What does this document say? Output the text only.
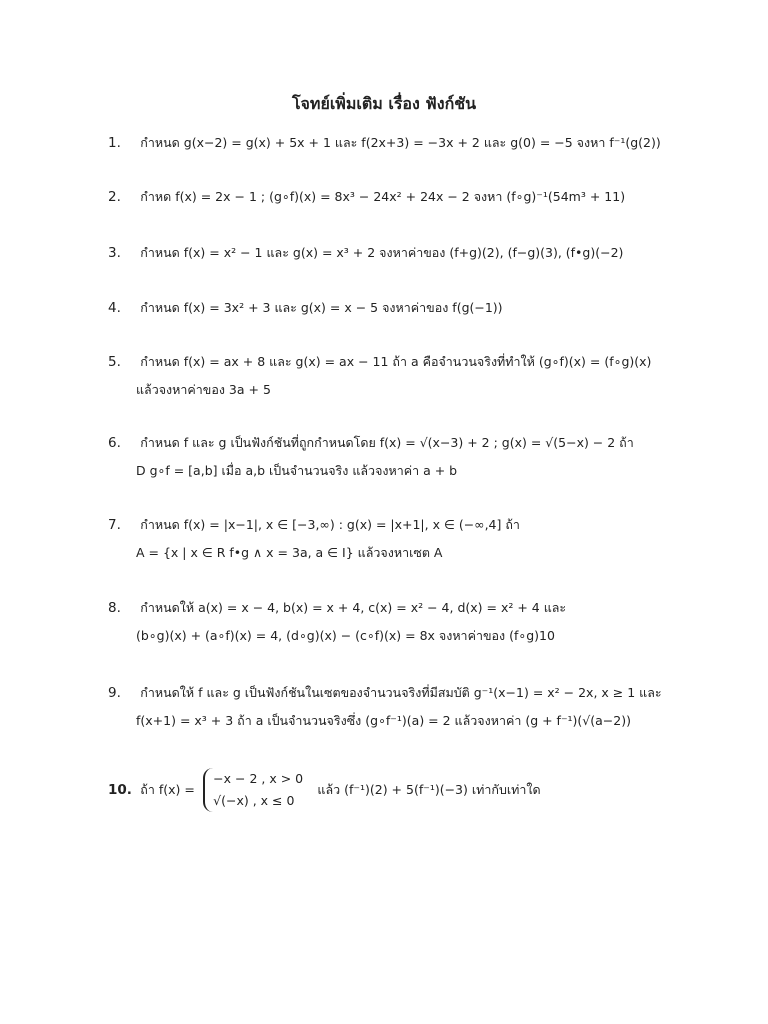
โจทย์เพิ่มเติม เรื่อง ฟังก์ชัน
1. กำหนด g(x−2) = g(x) + 5x + 1 และ f(2x+3) = −3x + 2 และ g(0) = −5 จงหา f⁻¹(g(2))
2. กำหด f(x) = 2x − 1 ; (g∘f)(x) = 8x³ − 24x² + 24x − 2 จงหา (f∘g)⁻¹(54m³ + 11)
3. กำหนด f(x) = x² − 1 และ g(x) = x³ + 2 จงหาค่าของ (f+g)(2), (f−g)(3), (f•g)(−2)
4. กำหนด f(x) = 3x² + 3 และ g(x) = x − 5 จงหาค่าของ f(g(−1))
5. กำหนด f(x) = ax + 8 และ g(x) = ax − 11 ถ้า a คือจำนวนจริงที่ทำให้ (g∘f)(x) = (f∘g)(x)
แล้วจงหาค่าของ 3a + 5
6. กำหนด f และ g เป็นฟังก์ชันที่ถูกกำหนดโดย f(x) = √(x−3) + 2 ; g(x) = √(5−x) − 2 ถ้า
D g∘f = [a,b] เมื่อ a,b เป็นจำนวนจริง แล้วจงหาค่า a + b
7. กำหนด f(x) = |x−1|, x ∈ [−3,∞) : g(x) = |x+1|, x ∈ (−∞,4] ถ้า
A = {x | x ∈ R f•g ∧ x = 3a, a ∈ I} แล้วจงหาเซต A
8. กำหนดให้ a(x) = x − 4, b(x) = x + 4, c(x) = x² − 4, d(x) = x² + 4 และ
(b∘g)(x) + (a∘f)(x) = 4, (d∘g)(x) − (c∘f)(x) = 8x จงหาค่าของ (f∘g)10
9. กำหนดให้ f และ g เป็นฟังก์ชันในเซตของจำนวนจริงที่มีสมบัติ g⁻¹(x−1) = x² − 2x, x ≥ 1 และ
f(x+1) = x³ + 3 ถ้า a เป็นจำนวนจริงซึ่ง (g∘f⁻¹)(a) = 2 แล้วจงหาค่า (g + f⁻¹)(√(a−2))
10. ถ้า f(x) =
−x − 2 , x > 0
√(−x) , x ≤ 0
แล้ว (f⁻¹)(2) + 5(f⁻¹)(−3) เท่ากับเท่าใด
